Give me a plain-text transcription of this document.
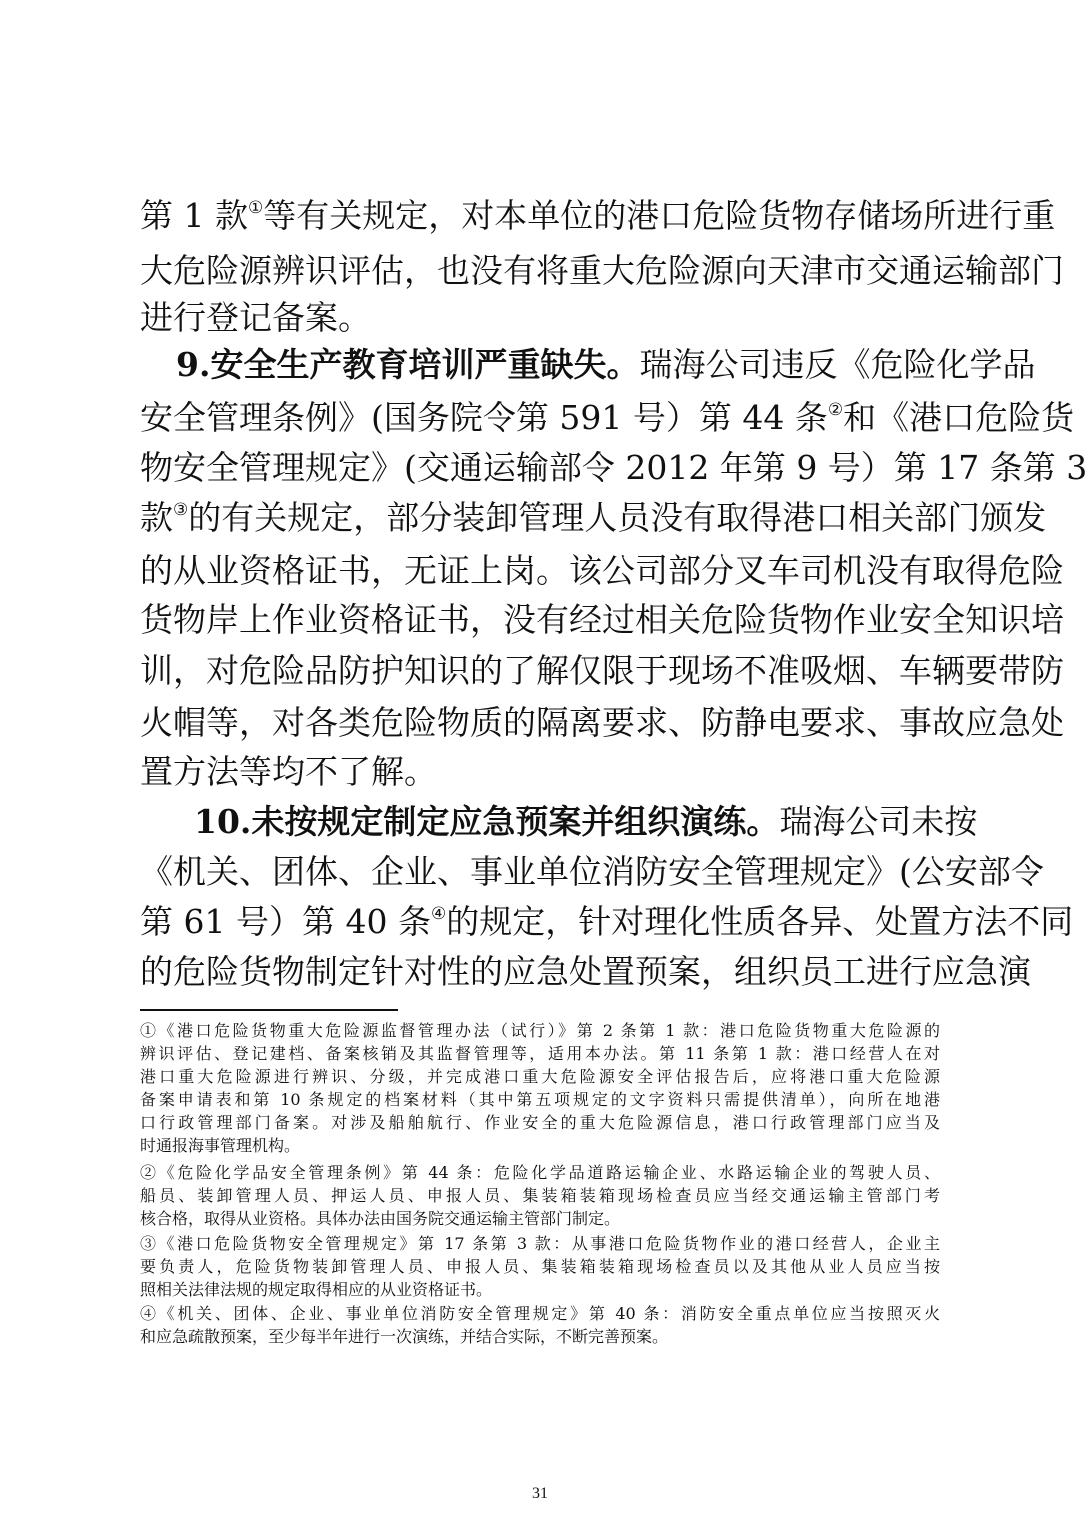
第 1 款①等有关规定，对本单位的港口危险货物存储场所进行重
大危险源辨识评估，也没有将重大危险源向天津市交通运输部门
进行登记备案。
9.安全生产教育培训严重缺失。瑞海公司违反《危险化学品
安全管理条例》(国务院令第 591 号）第 44 条②和《港口危险货
物安全管理规定》(交通运输部令 2012 年第 9 号）第 17 条第 3
款③的有关规定，部分装卸管理人员没有取得港口相关部门颁发
的从业资格证书，无证上岗。该公司部分叉车司机没有取得危险
货物岸上作业资格证书，没有经过相关危险货物作业安全知识培
训，对危险品防护知识的了解仅限于现场不准吸烟、车辆要带防
火帽等，对各类危险物质的隔离要求、防静电要求、事故应急处
置方法等均不了解。
10.未按规定制定应急预案并组织演练。瑞海公司未按
《机关、团体、企业、事业单位消防安全管理规定》(公安部令
第 61 号）第 40 条④的规定，针对理化性质各异、处置方法不同
的危险货物制定针对性的应急处置预案，组织员工进行应急演
①《港口危险货物重大危险源监督管理办法（试行）》第 2 条第 1 款：港口危险货物重大危险源的
辨识评估、登记建档、备案核销及其监督管理等，适用本办法。第 11 条第 1 款：港口经营人在对
港口重大危险源进行辨识、分级，并完成港口重大危险源安全评估报告后，应将港口重大危险源
备案申请表和第 10 条规定的档案材料（其中第五项规定的文字资料只需提供清单），向所在地港
口行政管理部门备案。对涉及船舶航行、作业安全的重大危险源信息，港口行政管理部门应当及
时通报海事管理机构。
②《危险化学品安全管理条例》第 44 条：危险化学品道路运输企业、水路运输企业的驾驶人员、
船员、装卸管理人员、押运人员、申报人员、集装箱装箱现场检查员应当经交通运输主管部门考
核合格，取得从业资格。具体办法由国务院交通运输主管部门制定。
③《港口危险货物安全管理规定》第 17 条第 3 款：从事港口危险货物作业的港口经营人，企业主
要负责人，危险货物装卸管理人员、申报人员、集装箱装箱现场检查员以及其他从业人员应当按
照相关法律法规的规定取得相应的从业资格证书。
④《机关、团体、企业、事业单位消防安全管理规定》第 40 条：消防安全重点单位应当按照灭火
和应急疏散预案，至少每半年进行一次演练，并结合实际，不断完善预案。
31
